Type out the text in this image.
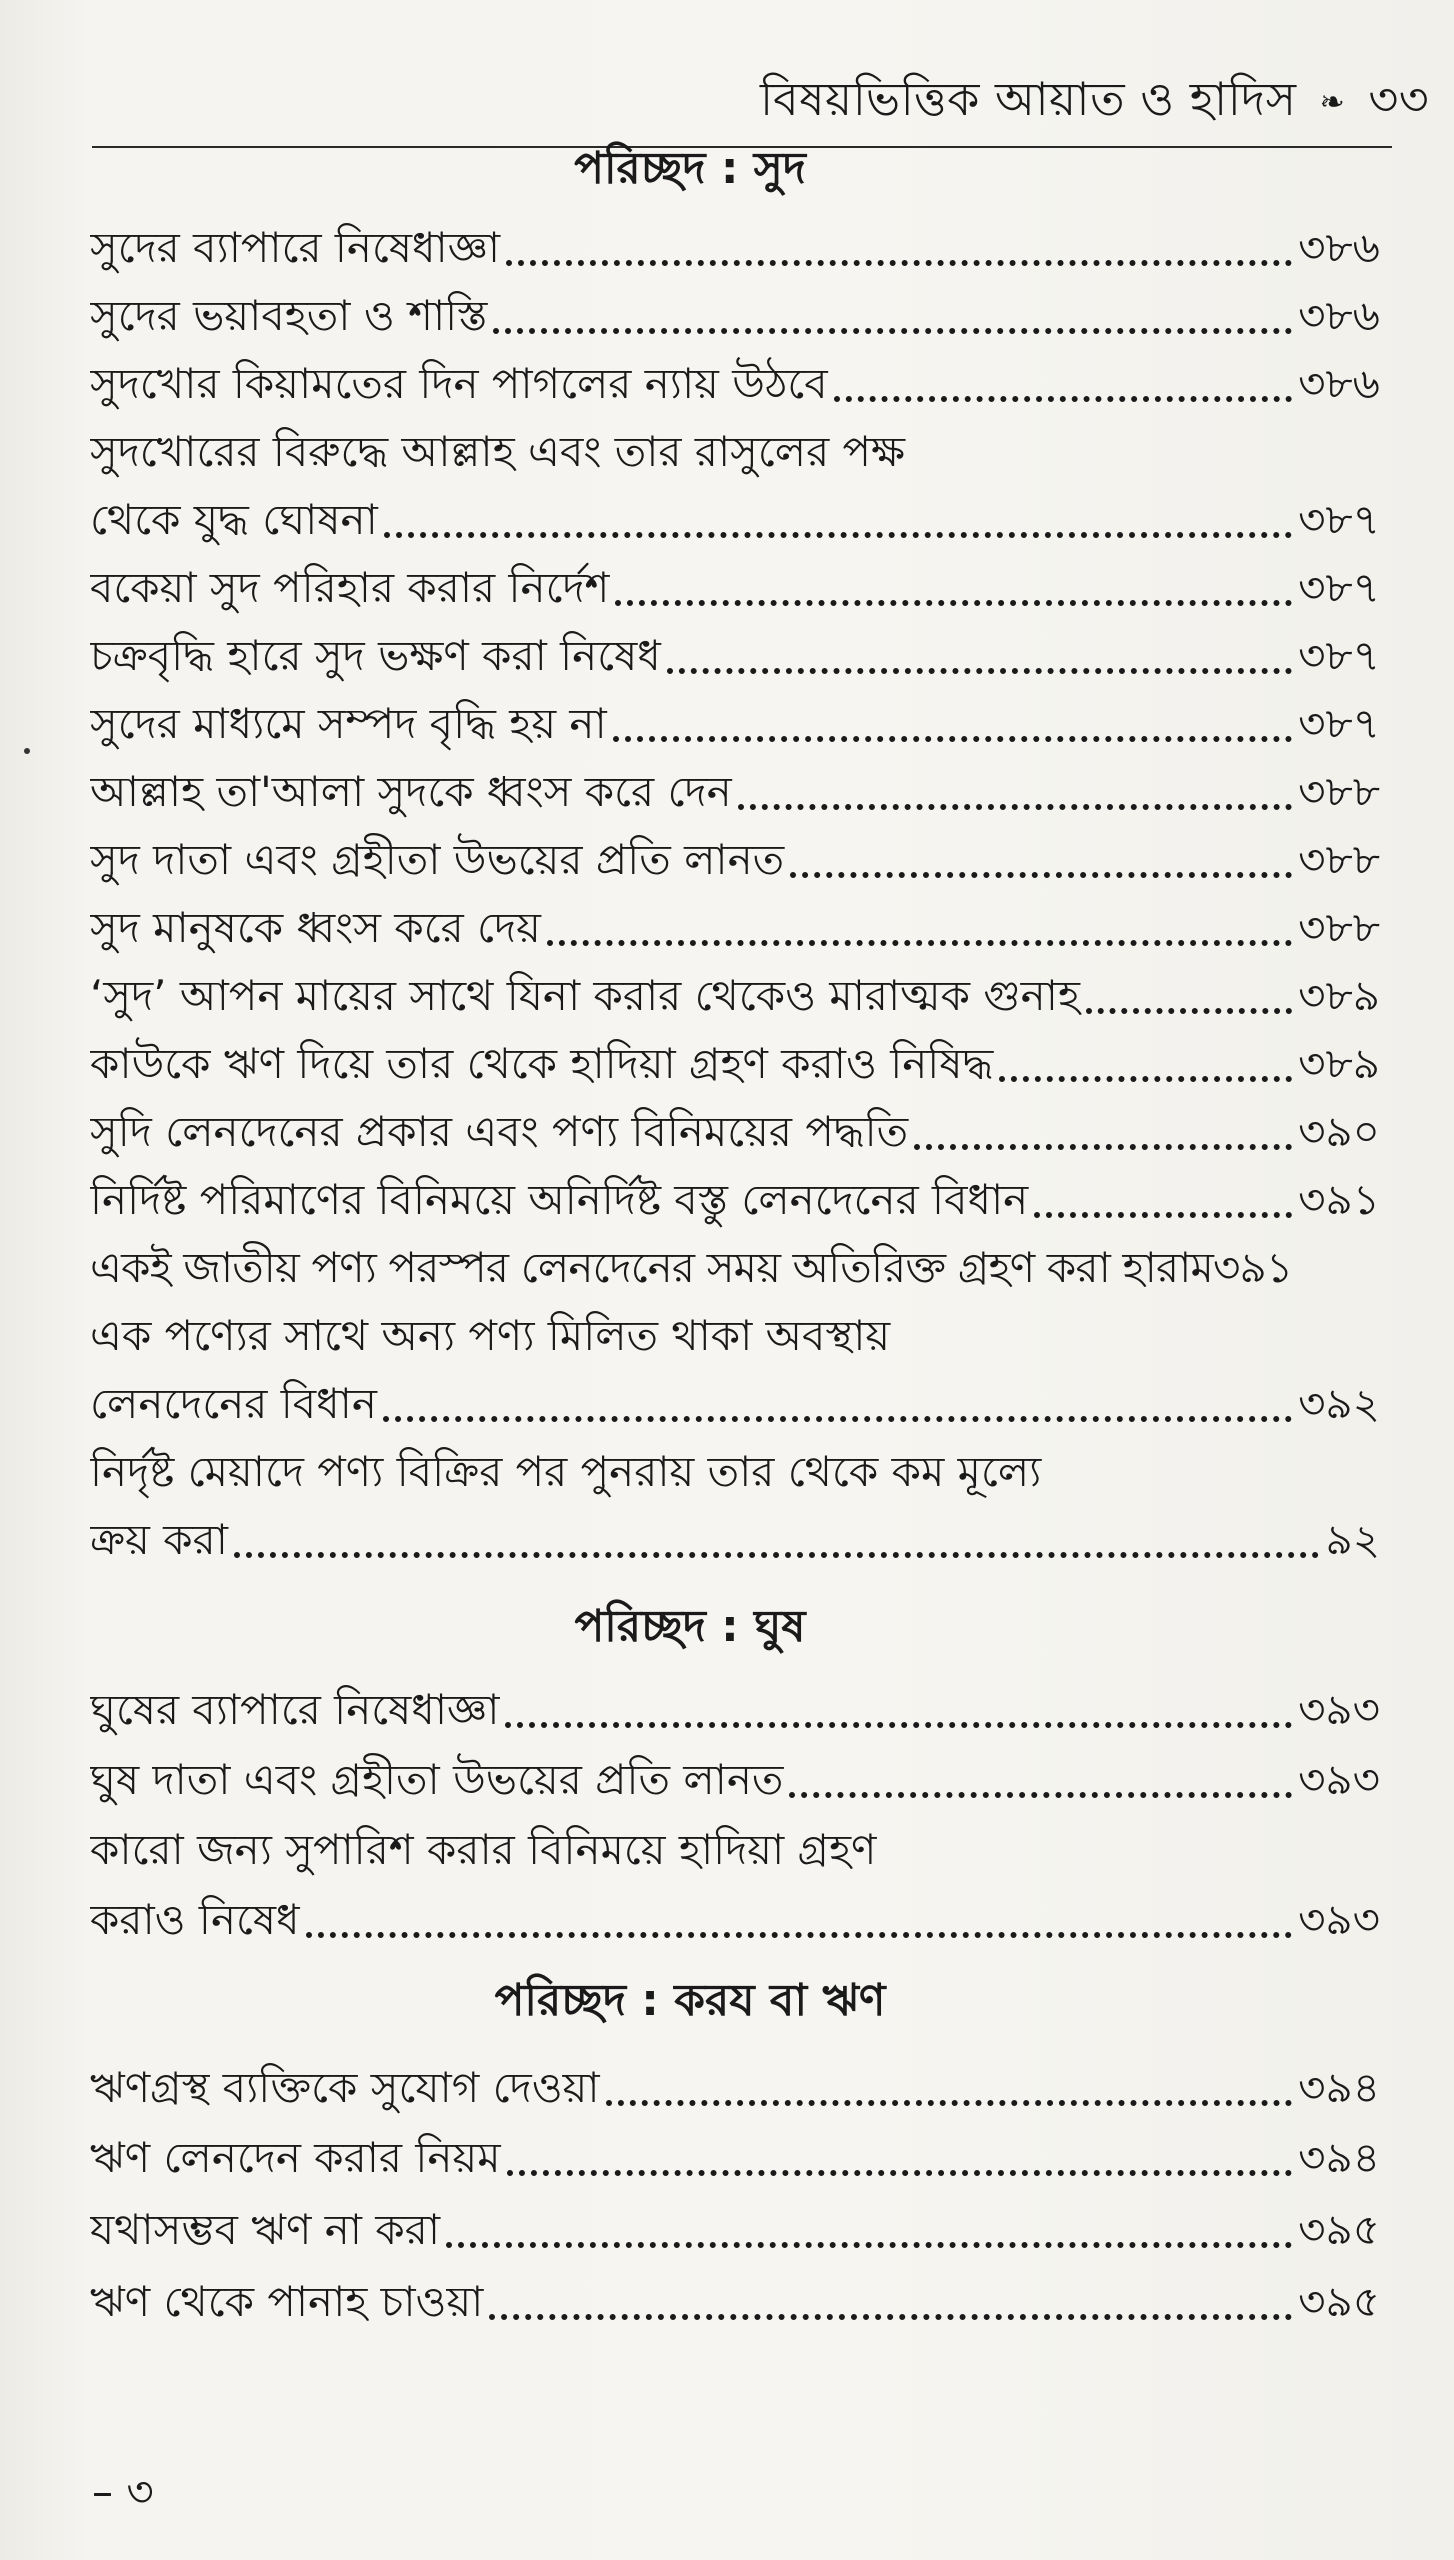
বিষয়ভিত্তিক আয়াত ও হাদিস ❧ ৩৩
পরিচ্ছদ : সুদ
সুদের ব্যাপারে নিষেধাজ্ঞা	৩৮৬
সুদের ভয়াবহতা ও শাস্তি	৩৮৬
সুদখোর কিয়ামতের দিন পাগলের ন্যায় উঠবে	৩৮৬
সুদখোরের বিরুদ্ধে আল্লাহ এবং তার রাসুলের পক্ষ
থেকে যুদ্ধ ঘোষনা	৩৮৭
বকেয়া সুদ পরিহার করার নির্দেশ	৩৮৭
চক্রবৃদ্ধি হারে সুদ ভক্ষণ করা নিষেধ	৩৮৭
সুদের মাধ্যমে সম্পদ বৃদ্ধি হয় না	৩৮৭
আল্লাহ তা'আলা সুদকে ধ্বংস করে দেন	৩৮৮
সুদ দাতা এবং গ্রহীতা উভয়ের প্রতি লানত	৩৮৮
সুদ মানুষকে ধ্বংস করে দেয়	৩৮৮
‘সুদ’ আপন মায়ের সাথে যিনা করার থেকেও মারাত্মক গুনাহ	৩৮৯
কাউকে ঋণ দিয়ে তার থেকে হাদিয়া গ্রহণ করাও নিষিদ্ধ	৩৮৯
সুদি লেনদেনের প্রকার এবং পণ্য বিনিময়ের পদ্ধতি	৩৯০
নির্দিষ্ট পরিমাণের বিনিময়ে অনির্দিষ্ট বস্তু লেনদেনের বিধান	৩৯১
একই জাতীয় পণ্য পরস্পর লেনদেনের সময় অতিরিক্ত গ্রহণ করা হারাম ৩৯১
এক পণ্যের সাথে অন্য পণ্য মিলিত থাকা অবস্থায়
লেনদেনের বিধান	৩৯২
নির্দৃষ্ট মেয়াদে পণ্য বিক্রির পর পুনরায় তার থেকে কম মূল্যে
ক্রয় করা	৯২
পরিচ্ছদ : ঘুষ
ঘুষের ব্যাপারে নিষেধাজ্ঞা	৩৯৩
ঘুষ দাতা এবং গ্রহীতা উভয়ের প্রতি লানত	৩৯৩
কারো জন্য সুপারিশ করার বিনিময়ে হাদিয়া গ্রহণ
করাও নিষেধ	৩৯৩
পরিচ্ছদ : করয বা ঋণ
ঋণগ্রস্থ ব্যক্তিকে সুযোগ দেওয়া	৩৯৪
ঋণ লেনদেন করার নিয়ম	৩৯৪
যথাসম্ভব ঋণ না করা	৩৯৫
ঋণ থেকে পানাহ চাওয়া	৩৯৫
– ৩
